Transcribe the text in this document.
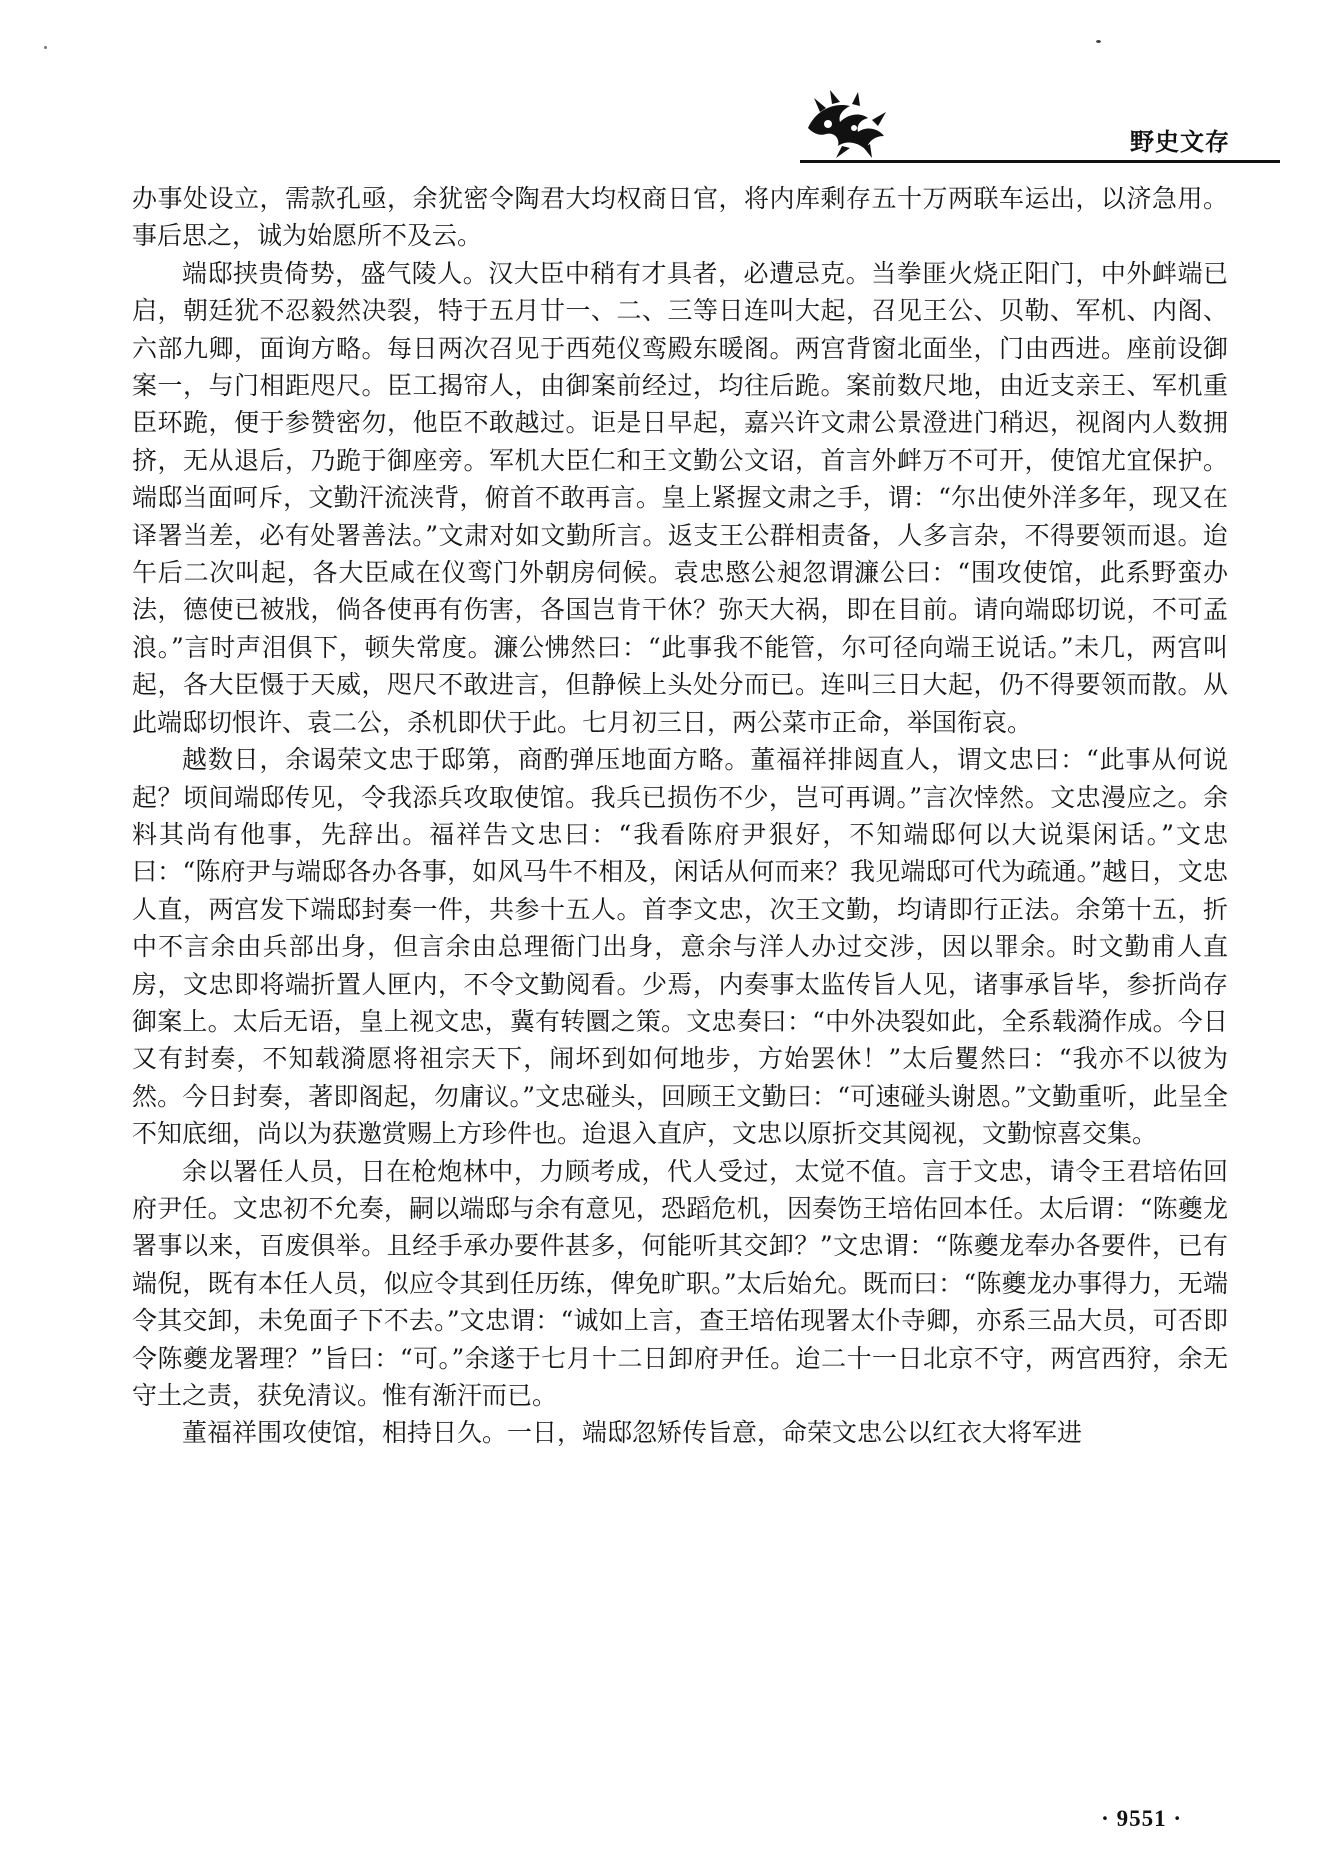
野史文存

办事处设立，需款孔亟，余犹密令陶君大均权商日官，将内库剩存五十万两联车运出，以济急用。事后思之，诚为始愿所不及云。

端邸挟贵倚势，盛气陵人。汉大臣中稍有才具者，必遭忌克。当拳匪火烧正阳门，中外衅端已启，朝廷犹不忍毅然决裂，特于五月廿一、二、三等日连叫大起，召见王公、贝勒、军机、内阁、六部九卿，面询方略。每日两次召见于西苑仪鸾殿东暖阁。两宫背窗北面坐，门由西进。座前设御案一，与门相距咫尺。臣工揭帘人，由御案前经过，均往后跪。案前数尺地，由近支亲王、军机重臣环跪，便于参赞密勿，他臣不敢越过。讵是日早起，嘉兴许文肃公景澄进门稍迟，视阁内人数拥挤，无从退后，乃跪于御座旁。军机大臣仁和王文勤公文诏，首言外衅万不可开，使馆尤宜保护。端邸当面呵斥，文勤汗流浃背，俯首不敢再言。皇上紧握文肃之手，谓：“尔出使外洋多年，现又在译署当差，必有处署善法。”文肃对如文勤所言。返支王公群相责备，人多言杂，不得要领而退。迨午后二次叫起，各大臣咸在仪鸾门外朝房伺候。袁忠愍公昶忽谓濂公曰：“围攻使馆，此系野蛮办法，德使已被戕，倘各使再有伤害，各国岂肯干休？弥天大祸，即在目前。请向端邸切说，不可孟浪。”言时声泪俱下，顿失常度。濂公怫然曰：“此事我不能管，尔可径向端王说话。”未几，两宫叫起，各大臣慑于天威，咫尺不敢进言，但静候上头处分而已。连叫三日大起，仍不得要领而散。从此端邸切恨许、袁二公，杀机即伏于此。七月初三日，两公菜市正命，举国衔哀。

越数日，余谒荣文忠于邸第，商酌弹压地面方略。董福祥排闼直人，谓文忠曰：“此事从何说起？顷间端邸传见，令我添兵攻取使馆。我兵已损伤不少，岂可再调。”言次悻然。文忠漫应之。余料其尚有他事，先辞出。福祥告文忠曰：“我看陈府尹狠好，不知端邸何以大说渠闲话。”文忠曰：“陈府尹与端邸各办各事，如风马牛不相及，闲话从何而来？我见端邸可代为疏通。”越日，文忠人直，两宫发下端邸封奏一件，共参十五人。首李文忠，次王文勤，均请即行正法。余第十五，折中不言余由兵部出身，但言余由总理衙门出身，意余与洋人办过交涉，因以罪余。时文勤甫人直房，文忠即将端折置人匣内，不令文勤阅看。少焉，内奏事太监传旨人见，诸事承旨毕，参折尚存御案上。太后无语，皇上视文忠，冀有转圜之策。文忠奏曰：“中外决裂如此，全系载漪作成。今日又有封奏，不知载漪愿将祖宗天下，闹坏到如何地步，方始罢休！”太后矍然曰：“我亦不以彼为然。今日封奏，著即阁起，勿庸议。”文忠碰头，回顾王文勤曰：“可速碰头谢恩。”文勤重听，此呈全不知底细，尚以为获邀赏赐上方珍件也。迨退入直庐，文忠以原折交其阅视，文勤惊喜交集。

余以署任人员，日在枪炮林中，力顾考成，代人受过，太觉不值。言于文忠，请令王君培佑回府尹任。文忠初不允奏，嗣以端邸与余有意见，恐蹈危机，因奏饬王培佑回本任。太后谓：“陈夔龙署事以来，百废俱举。且经手承办要件甚多，何能听其交卸？”文忠谓：“陈夔龙奉办各要件，已有端倪，既有本任人员，似应令其到任历练，俾免旷职。”太后始允。既而曰：“陈夔龙办事得力，无端令其交卸，未免面子下不去。”文忠谓：“诚如上言，查王培佑现署太仆寺卿，亦系三品大员，可否即令陈夔龙署理？”旨曰：“可。”余遂于七月十二日卸府尹任。迨二十一日北京不守，两宫西狩，余无守土之责，获免清议。惟有渐汗而已。

董福祥围攻使馆，相持日久。一日，端邸忽矫传旨意，命荣文忠公以红衣大将军进

· 9551 ·
